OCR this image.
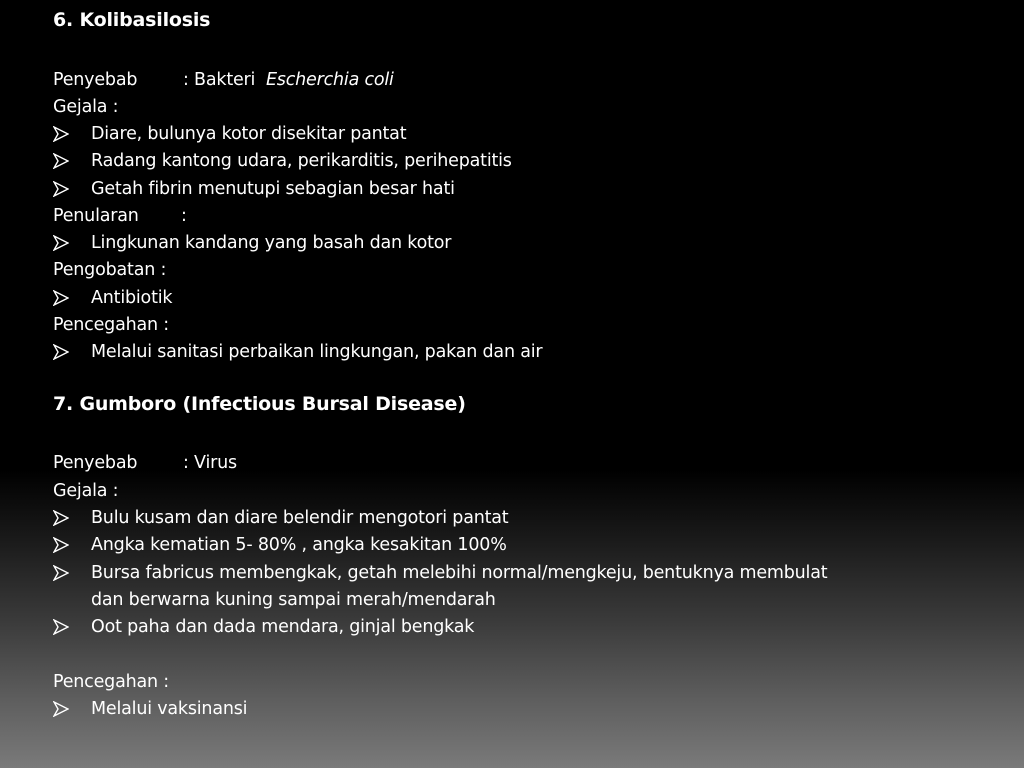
6. Kolibasilosis
Penyebab	: Bakteri Escherchia coli
Gejala :
Diare, bulunya kotor disekitar pantat
Radang kantong udara, perikarditis, perihepatitis
Getah fibrin menutupi sebagian besar hati
Penularan :
Lingkunan kandang yang basah dan kotor
Pengobatan :
Antibiotik
Pencegahan :
Melalui sanitasi perbaikan lingkungan, pakan dan air
7. Gumboro (Infectious Bursal Disease)
Penyebab	: Virus
Gejala :
Bulu kusam dan diare belendir mengotori pantat
Angka kematian 5- 80% , angka kesakitan 100%
Bursa fabricus membengkak, getah melebihi normal/mengkeju, bentuknya membulat
dan berwarna kuning sampai merah/mendarah
Oot paha dan dada mendara, ginjal bengkak
Pencegahan :
Melalui vaksinansi
